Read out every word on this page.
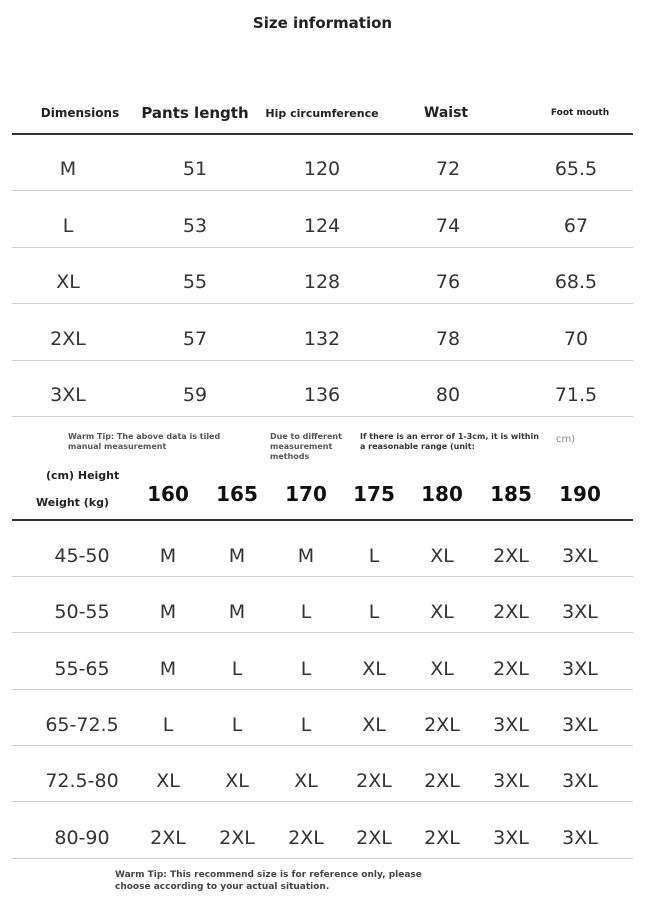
Size information
Dimensions	Pants length	Hip circumference	Waist	Foot mouth
M	51	120	72	65.5
L	53	124	74	67
XL	55	128	76	68.5
2XL	57	132	78	70
3XL	59	136	80	71.5
Warm Tip: The above data is tiled manual measurement
Due to different measurement methods
If there is an error of 1-3cm, it is within a reasonable range (unit:
cm)
(cm) Height
Weight (kg)	160	165	170	175	180	185	190
45-50	M	M	M	L	XL	2XL	3XL
50-55	M	M	L	L	XL	2XL	3XL
55-65	M	L	L	XL	XL	2XL	3XL
65-72.5	L	L	L	XL	2XL	3XL	3XL
72.5-80	XL	XL	XL	2XL	2XL	3XL	3XL
80-90	2XL	2XL	2XL	2XL	2XL	3XL	3XL
Warm Tip: This recommend size is for reference only, please choose according to your actual situation.
